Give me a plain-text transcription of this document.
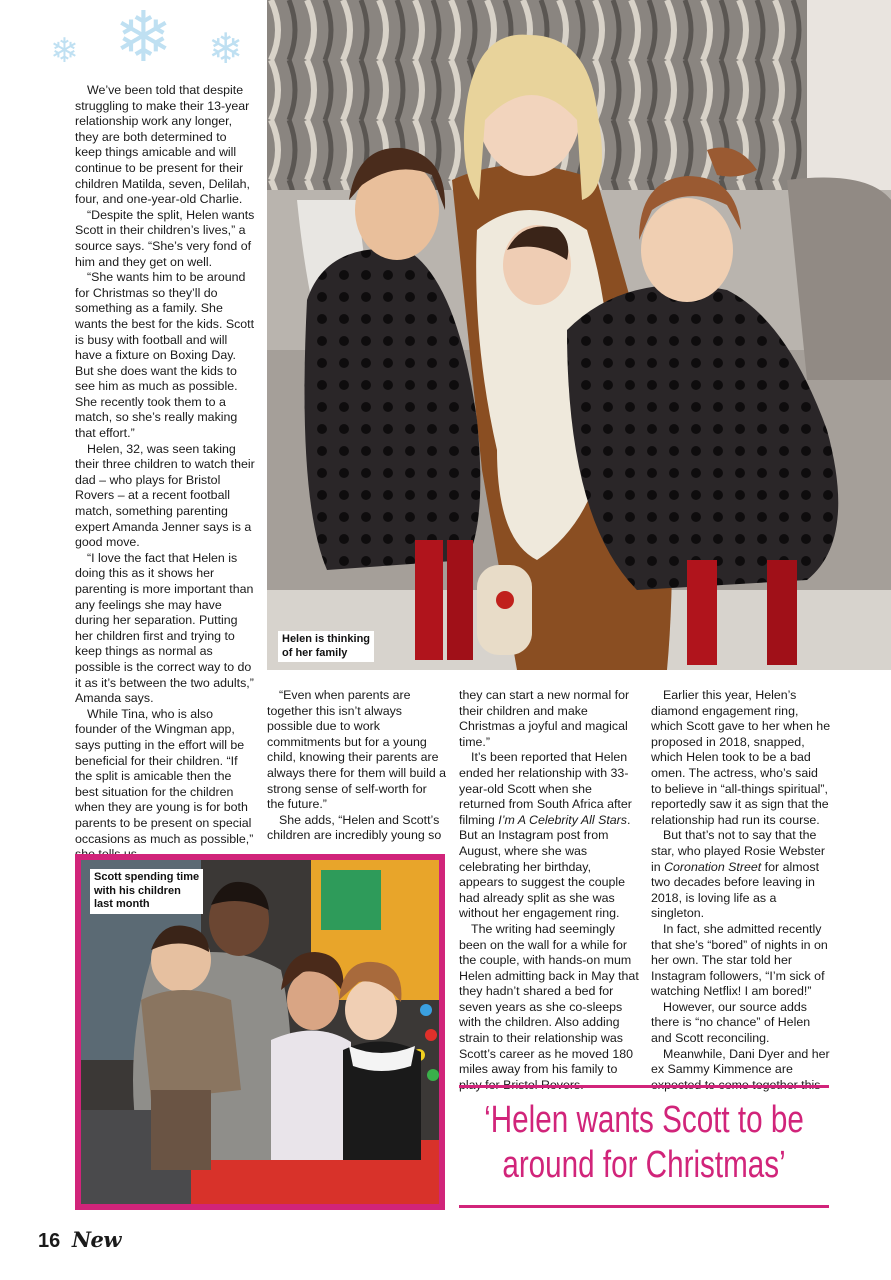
❄ ❄ ❄

We’ve been told that despite struggling to make their 13-year relationship work any longer, they are both determined to keep things amicable and will continue to be present for their children Matilda, seven, Delilah, four, and one-year-old Charlie.

“Despite the split, Helen wants Scott in their children’s lives,” a source says. “She’s very fond of him and they get on well.

“She wants him to be around for Christmas so they’ll do something as a family. She wants the best for the kids. Scott is busy with football and will have a fixture on Boxing Day. But she does want the kids to see him as much as possible. She recently took them to a match, so she’s really making that effort.”

Helen, 32, was seen taking their three children to watch their dad – who plays for Bristol Rovers – at a recent football match, something parenting expert Amanda Jenner says is a good move.

“I love the fact that Helen is doing this as it shows her parenting is more important than any feelings she may have during her separation. Putting her children first and trying to keep things as normal as possible is the correct way to do it as it’s between the two adults,” Amanda says.

While Tina, who is also founder of the Wingman app, says putting in the effort will be beneficial for their children. “If the split is amicable then the best situation for the children when they are young is for both parents to be present on special occasions as much as possible,”

Helen is thinking
of her family

“Even when parents are together this isn’t always possible due to work commitments but for a young child, knowing their parents are always there for them will build a strong sense of self-worth for the future.”

She adds, “Helen and Scott’s children are incredibly young so

they can start a new normal for their children and make Christmas a joyful and magical time.”

It’s been reported that Helen ended her relationship with 33-year-old Scott when she returned from South Africa after filming I’m A Celebrity All Stars. But an Instagram post from August, where she was celebrating her birthday, appears to suggest the couple had already split as she was without her engagement ring.

The writing had seemingly been on the wall for a while for the couple, with hands-on mum Helen admitting back in May that they hadn’t shared a bed for seven years as she co-sleeps with the children. Also adding strain to their relationship was Scott’s career as he moved 180 miles away from his family to

Earlier this year, Helen’s diamond engagement ring, which Scott gave to her when he proposed in 2018, snapped, which Helen took to be a bad omen. The actress, who’s said to believe in “all-things spiritual”, reportedly saw it as sign that the relationship had run its course.

But that’s not to say that the star, who played Rosie Webster in Coronation Street for almost two decades before leaving in 2018, is loving life as a singleton.

In fact, she admitted recently that she’s “bored” of nights in on her own. The star told her Instagram followers, “I’m sick of watching Netflix! I am bored!”

However, our source adds there is “no chance” of Helen and Scott reconciling.

Meanwhile, Dani Dyer and her ex Sammy Kimmence are

Scott spending time
with his children
last month
‘Helen wants Scott to be
around for Christmas’
16 New
